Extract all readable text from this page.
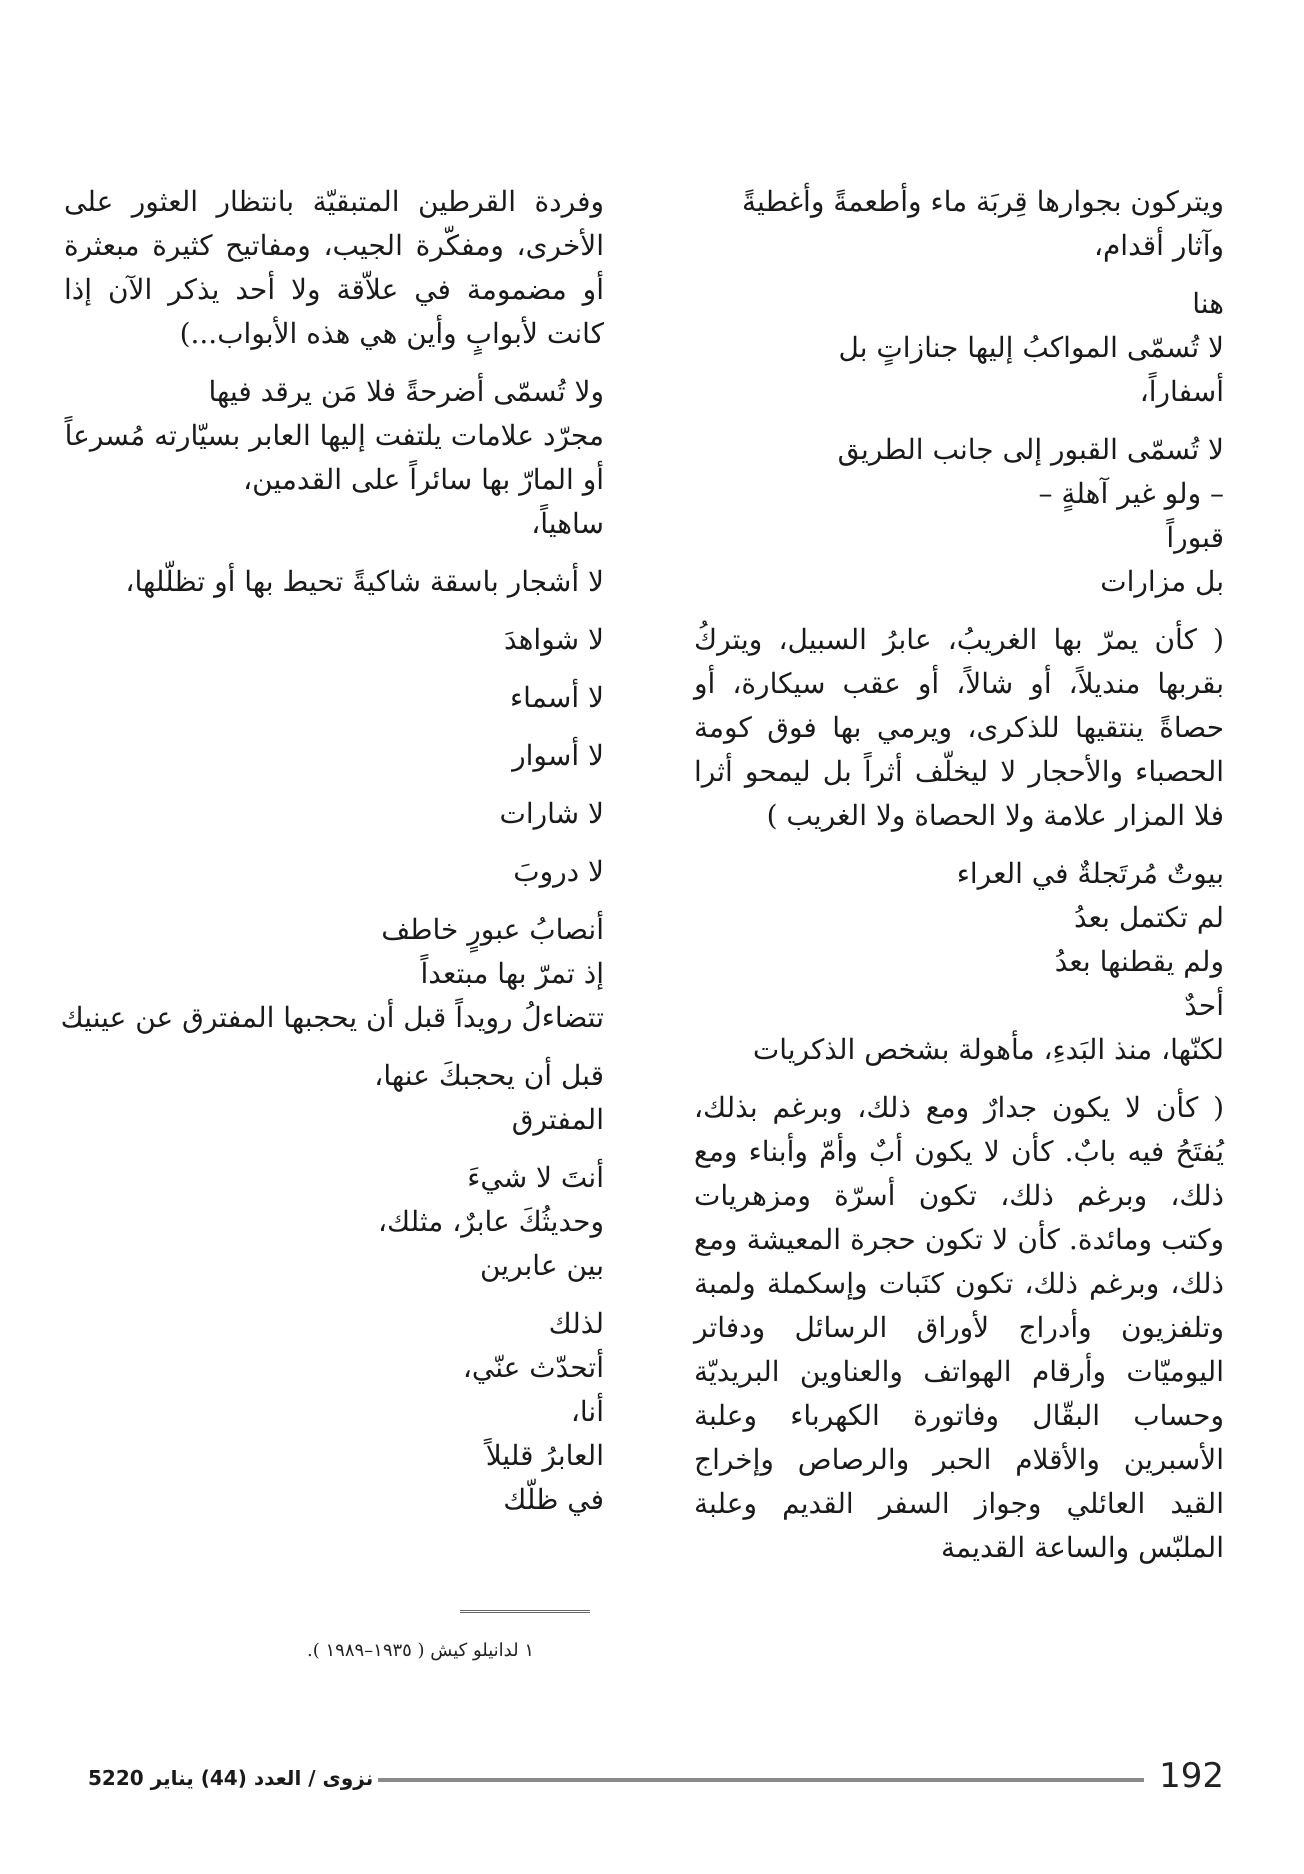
ويتركون بجوارها قِربَة ماء وأطعمةً وأغطيةً
وآثار أقدام،
هنا
لا تُسمّى المواكبُ إليها جنازاتٍ بل
أسفاراً،
لا تُسمّى القبور إلى جانب الطريق
– ولو غير آهلةٍ –
قبوراً
بل مزارات
( كأن يمرّ بها الغريبُ، عابرُ السبيل، ويتركُ بقربها منديلاً، أو شالاً، أو عقب سيكارة، أو حصاةً ينتقيها للذكرى، ويرمي بها فوق كومة الحصباء والأحجار لا ليخلّف أثراً بل ليمحو أثرا فلا المزار علامة ولا الحصاة ولا الغريب )
بيوتٌ مُرتَجلةٌ في العراء
لم تكتمل بعدُ
ولم يقطنها بعدُ
أحدٌ
لكنّها، منذ البَدءِ، مأهولة بشخص الذكريات
( كأن لا يكون جدارٌ ومع ذلك، وبرغم بذلك، يُفتَحُ فيه بابٌ. كأن لا يكون أبٌ وأمّ وأبناء ومع ذلك، وبرغم ذلك، تكون أسرّة ومزهريات وكتب ومائدة. كأن لا تكون حجرة المعيشة ومع ذلك، وبرغم ذلك، تكون كنَبات وإسكملة ولمبة وتلفزيون وأدراج لأوراق الرسائل ودفاتر اليوميّات وأرقام الهواتف والعناوين البريديّة وحساب البقّال وفاتورة الكهرباء وعلبة الأسبرين والأقلام الحبر والرصاص وإخراج القيد العائلي وجواز السفر القديم وعلبة الملبّس والساعة القديمة
وفردة القرطين المتبقيّة بانتظار العثور على الأخرى، ومفكّرة الجيب، ومفاتيح كثيرة مبعثرة أو مضمومة في علاّقة ولا أحد يذكر الآن إذا كانت لأبوابٍ وأين هي هذه الأبواب...)
ولا تُسمّى أضرحةً فلا مَن يرقد فيها
مجرّد علامات يلتفت إليها العابر بسيّارته مُسرعاً
أو المارّ بها سائراً على القدمين،
ساهياً،
لا أشجار باسقة شاكيةً تحيط بها أو تظلّلها،
لا شواهدَ
لا أسماء
لا أسوار
لا شارات
لا دروبَ
أنصابُ عبورٍ خاطف
إذ تمرّ بها مبتعداً
تتضاءلُ رويداً قبل أن يحجبها المفترق عن عينيك
قبل أن يحجبكَ عنها،
المفترق
أنتَ لا شيءَ
وحديثُكَ عابرٌ، مثلك،
بين عابرين
لذلك
أتحدّث عنّي،
أنا،
العابرُ قليلاً
في ظلّك
١ لدانيلو كيش ( ١٩٣٥–١٩٨٩ ).
نزوى / العدد (44) يناير 5220	192
